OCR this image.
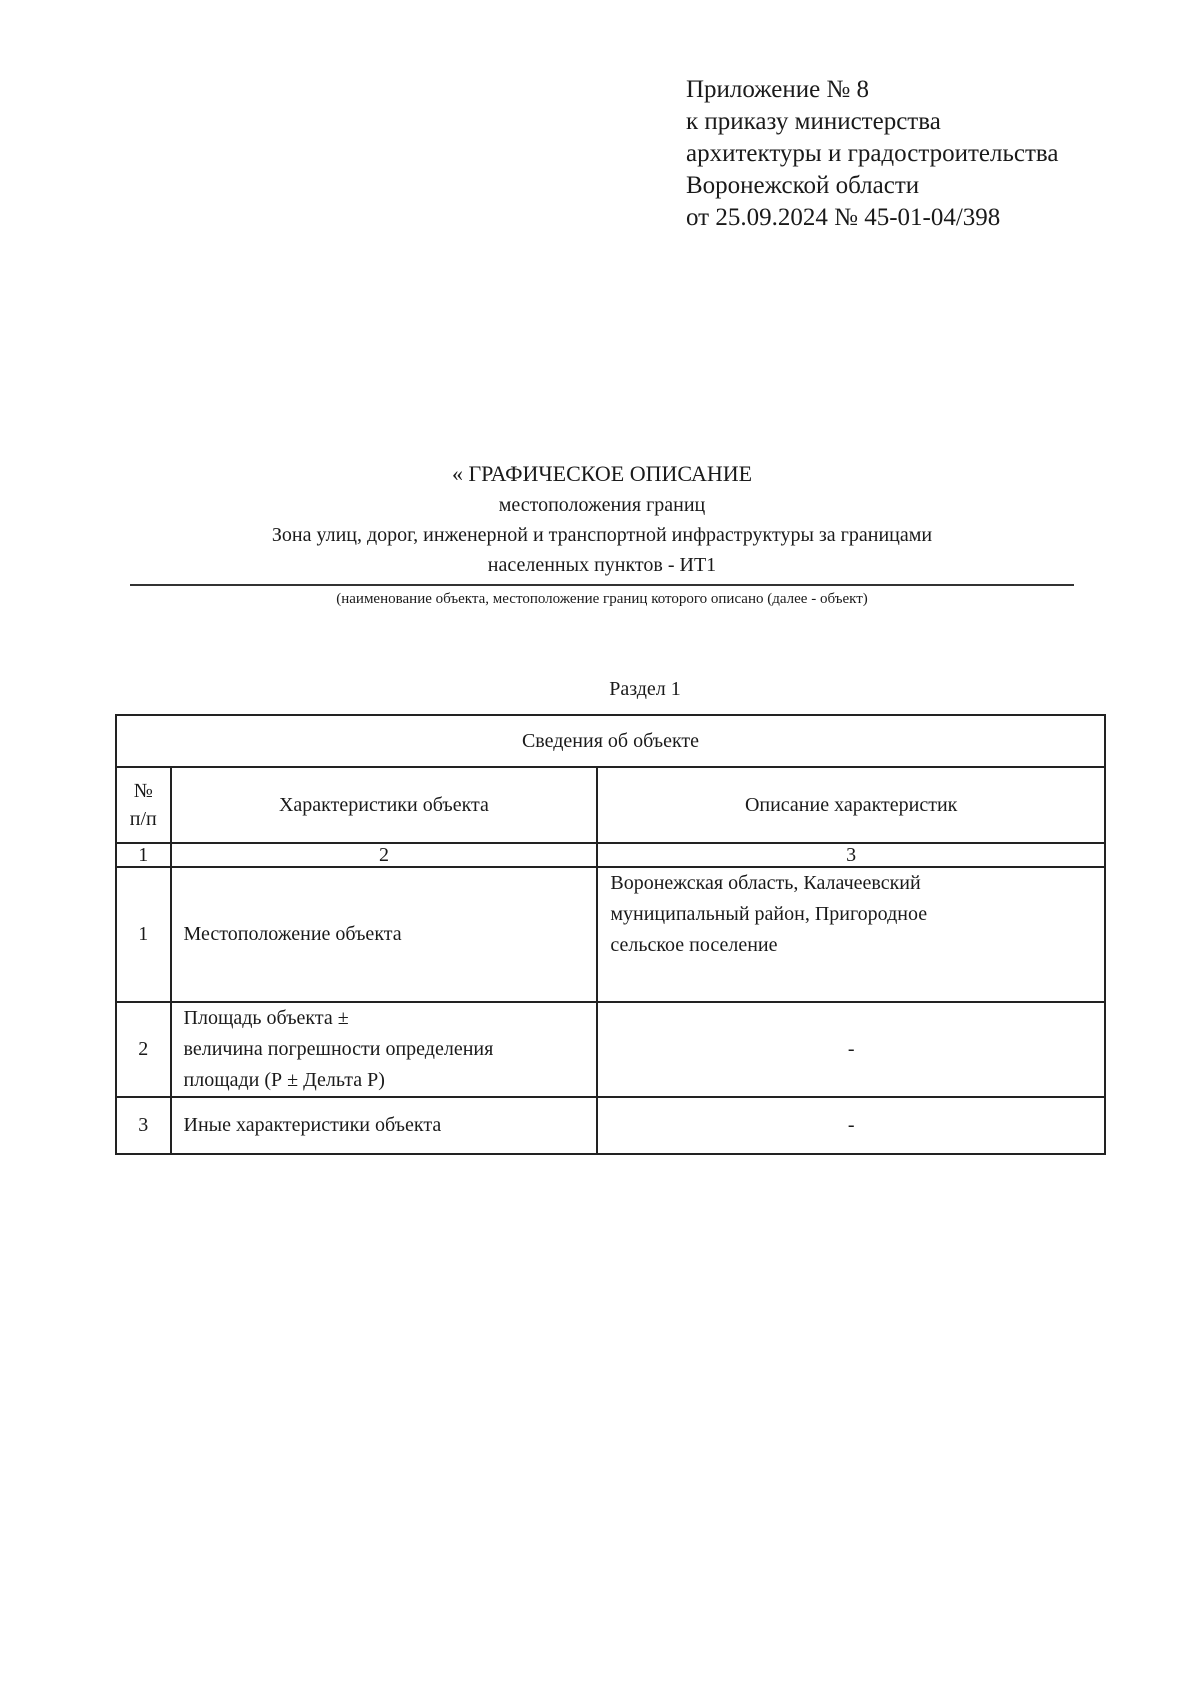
Приложение № 8
к приказу министерства
архитектуры и градостроительства
Воронежской области
от 25.09.2024 № 45-01-04/398
« ГРАФИЧЕСКОЕ ОПИСАНИЕ
местоположения границ
Зона улиц, дорог, инженерной и транспортной инфраструктуры за границами
населенных пунктов - ИТ1
(наименование объекта, местоположение границ которого описано (далее - объект)
Раздел 1
Сведения об объекте		

№
п/п	Характеристики объекта	Описание характеристик
1	2	3
1	Местоположение объекта	Воронежская область, Калачеевский
муниципальный район, Пригородное
сельское поселение

2	Площадь объекта ±
величина погрешности определения
площади (Р ± Дельта Р)	-
3	Иные характеристики объекта	-
